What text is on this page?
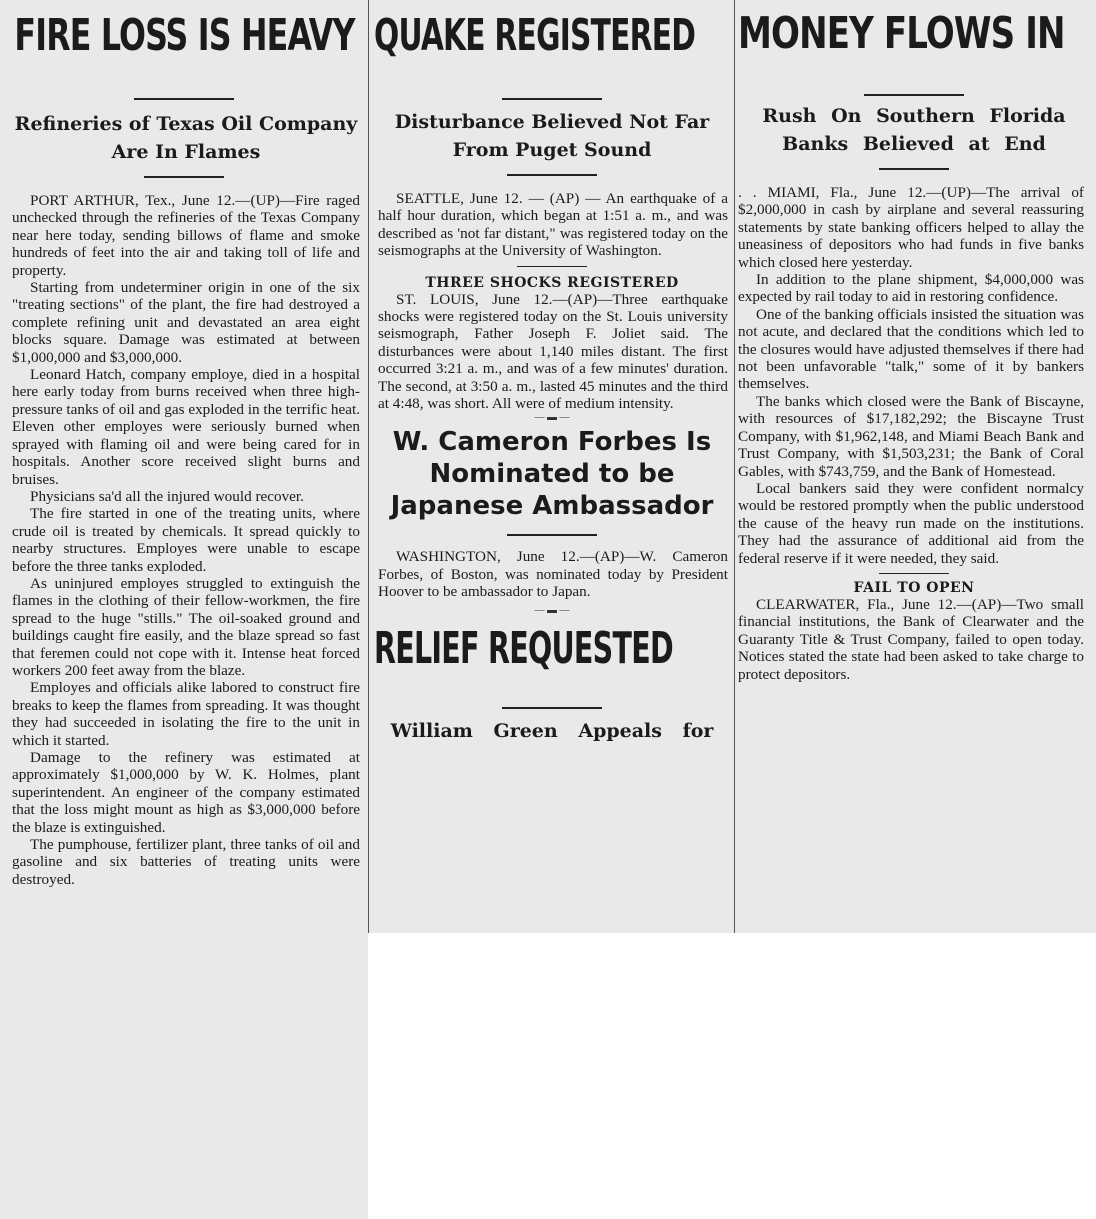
FIRE LOSS IS HEAVY
Refineries of Texas Oil Company Are In Flames

PORT ARTHUR, Tex., June 12.—(UP)—Fire raged unchecked through the refineries of the Texas Company near here today, sending billows of flame and smoke hundreds of feet into the air and taking toll of life and property.

Starting from undeterminer origin in one of the six "treating sections" of the plant, the fire had destroyed a complete refining unit and devastated an area eight blocks square. Damage was estimated at between $1,000,000 and $3,000,000.

Leonard Hatch, company employe, died in a hospital here early today from burns received when three high-pressure tanks of oil and gas exploded in the terrific heat. Eleven other employes were seriously burned when sprayed with flaming oil and were being cared for in hospitals. Another score received slight burns and bruises.

Physicians sa'd all the injured would recover.

The fire started in one of the treating units, where crude oil is treated by chemicals. It spread quickly to nearby structures. Employes were unable to escape before the three tanks exploded.

As uninjured employes struggled to extinguish the flames in the clothing of their fellow-workmen, the fire spread to the huge "stills." The oil-soaked ground and buildings caught fire easily, and the blaze spread so fast that feremen could not cope with it. Intense heat forced workers 200 feet away from the blaze.

Employes and officials alike labored to construct fire breaks to keep the flames from spreading. It was thought they had succeeded in isolating the fire to the unit in which it started.

Damage to the refinery was estimated at approximately $1,000,000 by W. K. Holmes, plant superintendent. An engineer of the company estimated that the loss might mount as high as $3,000,000 before the blaze is extinguished.

The pumphouse, fertilizer plant, three tanks of oil and gasoline and six batteries of treating units were destroyed.

QUAKE REGISTERED
Disturbance Believed Not Far From Puget Sound

SEATTLE, June 12. — (AP) — An earthquake of a half hour duration, which began at 1:51 a. m., and was described as 'not far distant," was registered today on the seismographs at the University of Washington.

THREE SHOCKS REGISTERED

ST. LOUIS, June 12.—(AP)—Three earthquake shocks were registered today on the St. Louis university seismograph, Father Joseph F. Joliet said. The disturbances were about 1,140 miles distant. The first occurred 3:21 a. m., and was of a few minutes' duration. The second, at 3:50 a. m., lasted 45 minutes and the third at 4:48, was short. All were of medium intensity.

— ▬ —
W. Cameron Forbes Is Nominated to be Japanese Ambassador

WASHINGTON, June 12.—(AP)—W. Cameron Forbes, of Boston, was nominated today by President Hoover to be ambassador to Japan.

— ▬ —
RELIEF REQUESTED
William Green Appeals for
MONEY FLOWS IN
Rush On Southern Florida Banks Believed at End

. . MIAMI, Fla., June 12.—(UP)—The arrival of $2,000,000 in cash by airplane and several reassuring statements by state banking officers helped to allay the uneasiness of depositors who had funds in five banks which closed here yesterday.

In addition to the plane shipment, $4,000,000 was expected by rail today to aid in restoring confidence.

One of the banking officials insisted the situation was not acute, and declared that the conditions which led to the closures would have adjusted themselves if there had not been unfavorable "talk," some of it by bankers themselves.

The banks which closed were the Bank of Biscayne, with resources of $17,182,292; the Biscayne Trust Company, with $1,962,148, and Miami Beach Bank and Trust Company, with $1,503,231; the Bank of Coral Gables, with $743,759, and the Bank of Homestead.

Local bankers said they were confident normalcy would be restored promptly when the public understood the cause of the heavy run made on the institutions. They had the assurance of additional aid from the federal reserve if it were needed, they said.

FAIL TO OPEN

CLEARWATER, Fla., June 12.—(AP)—Two small financial institutions, the Bank of Clearwater and the Guaranty Title & Trust Company, failed to open today. Notices stated the state had been asked to take charge to protect depositors.
